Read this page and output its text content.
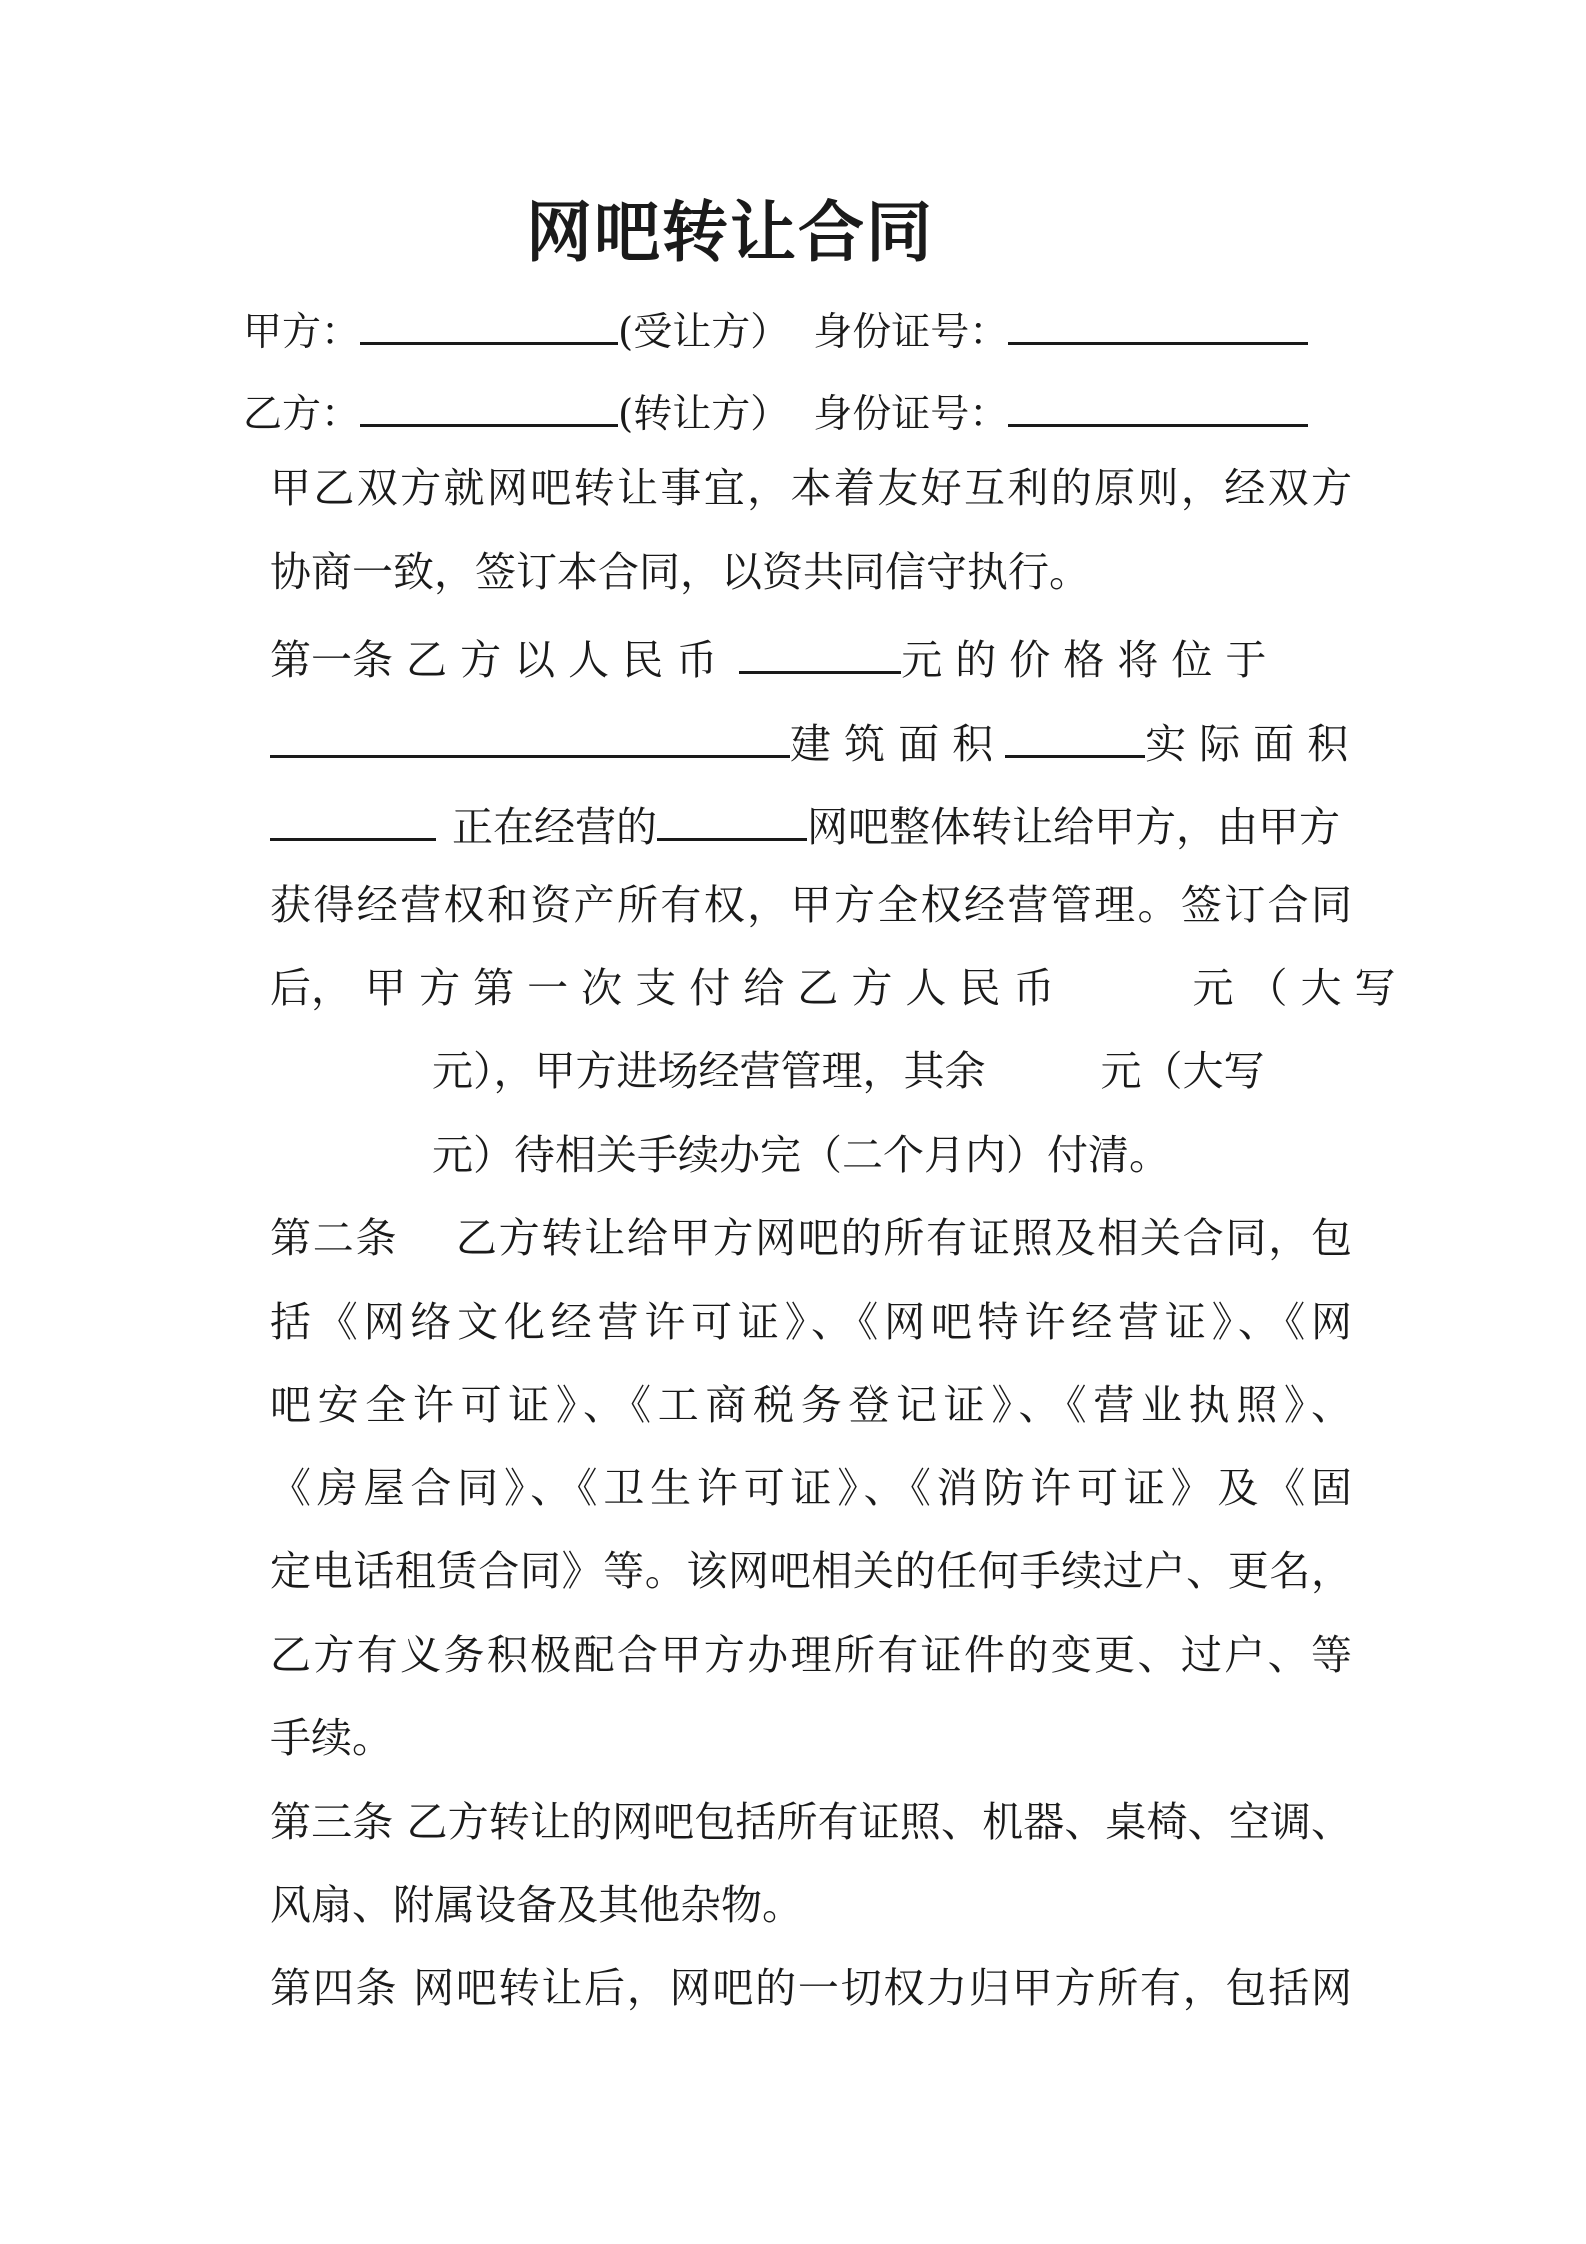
网吧转让合同
甲方：	(受让方） 身份证号：
乙方：	(转让方） 身份证号：
甲乙双方就网吧转让事宜，本着友好互利的原则，经双方
协商一致，签订本合同，以资共同信守执行。
第一条 乙 方 以 人 民 币	元 的 价 格 将 位 于
建 筑 面 积	实 际 面 积
正在经营的	网吧整体转让给甲方，由甲方
获得经营权和资产所有权，甲方全权经营管理。签订合同
后， 甲 方 第 一 次 支 付 给 乙 方 人 民 币	元 （ 大 写
元），甲方进场经营管理，其余	元（大写
元）待相关手续办完（二个月内）付清。
第二条　 乙方转让给甲方网吧的所有证照及相关合同，包
括《网络文化经营许可证》、《网吧特许经营证》、《网
吧安全许可证》、《工商税务登记证》、《营业执照》、
《房屋合同》、《卫生许可证》、《消防许可证》及《固
定电话租赁合同》等。该网吧相关的任何手续过户、更名，
乙方有义务积极配合甲方办理所有证件的变更、过户、等
手续。
第三条 乙方转让的网吧包括所有证照、机器、桌椅、空调、
风扇、附属设备及其他杂物。
第四条 网吧转让后，网吧的一切权力归甲方所有，包括网
